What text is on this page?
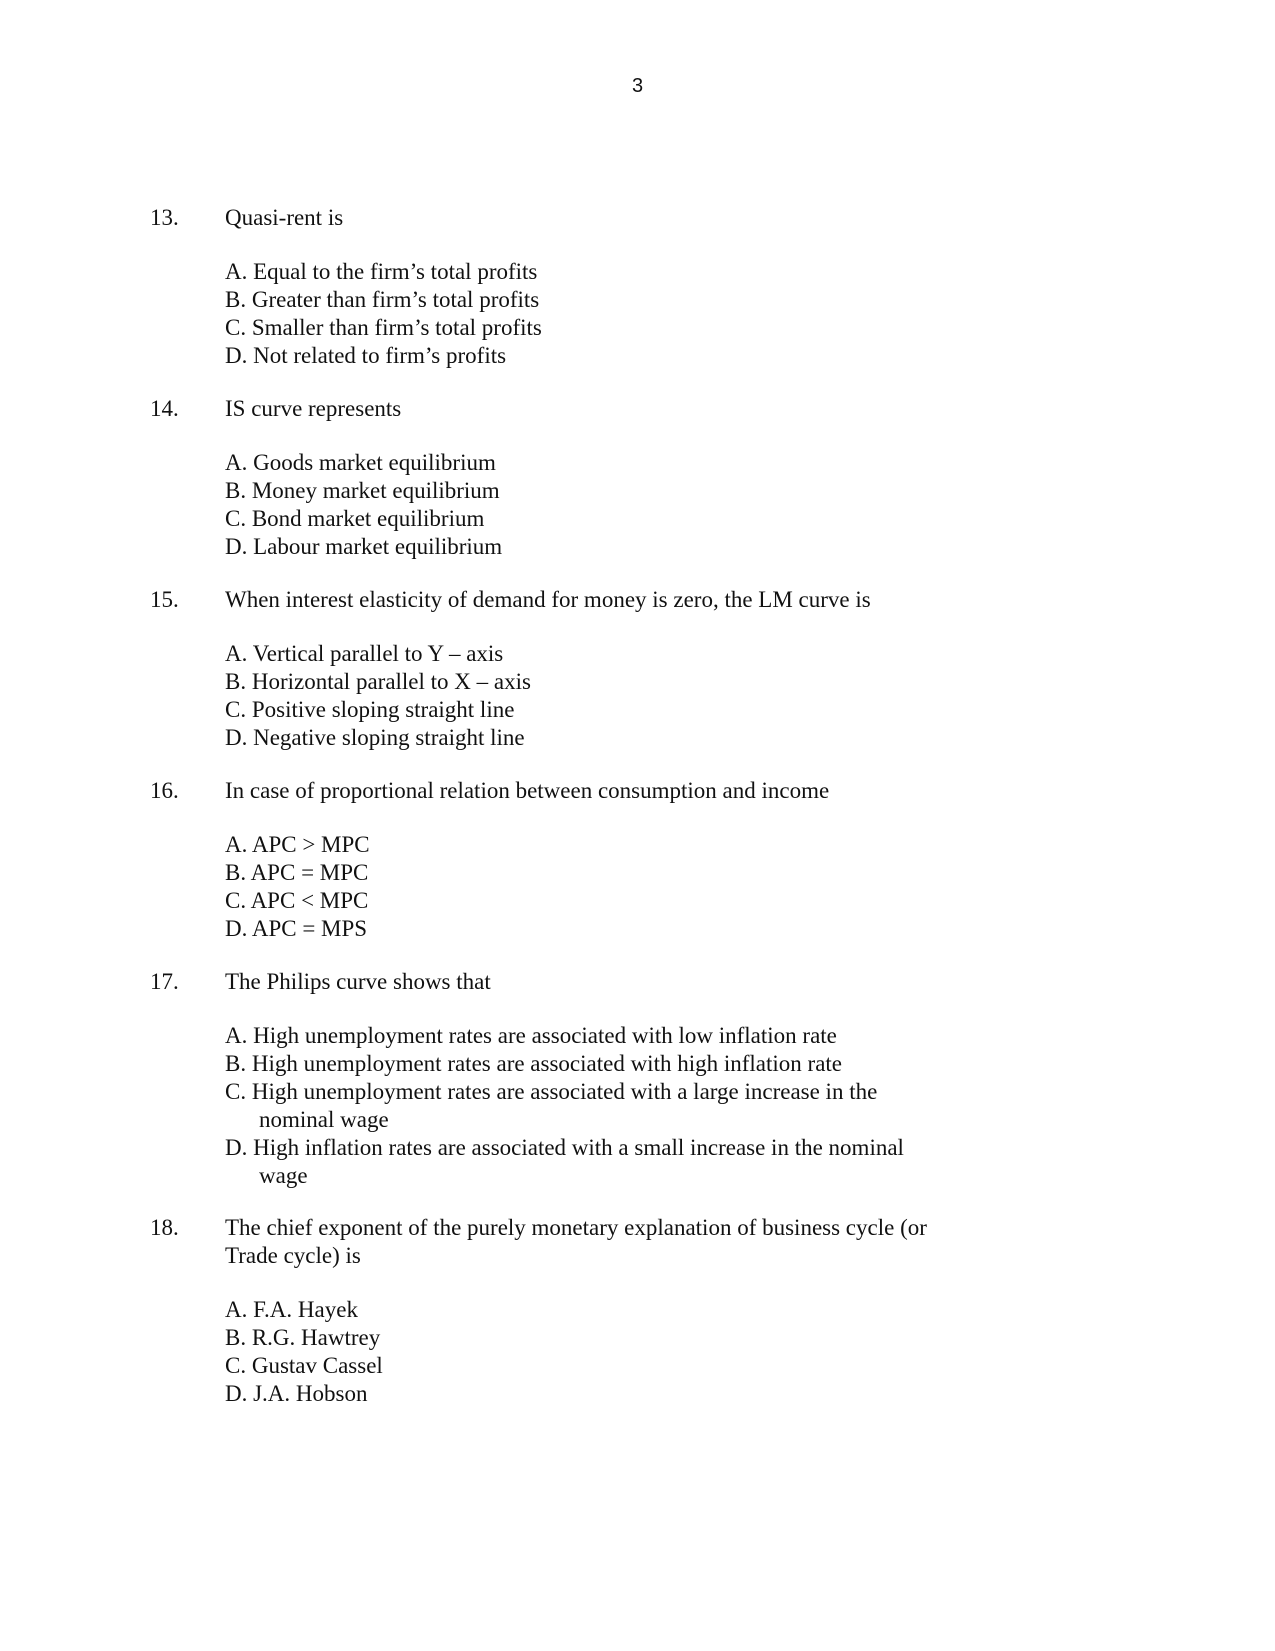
3
13.	Quasi-rent is
A. Equal to the firm’s total profits
B. Greater than firm’s total profits
C. Smaller than firm’s total profits
D. Not related to firm’s profits
14.	IS curve represents
A. Goods market equilibrium
B. Money market equilibrium
C. Bond market equilibrium
D. Labour market equilibrium
15.	When interest elasticity of demand for money is zero, the LM curve is
A. Vertical parallel to Y – axis
B. Horizontal parallel to X – axis
C. Positive sloping straight line
D. Negative sloping straight line
16.	In case of proportional relation between consumption and income
A. APC > MPC
B. APC = MPC
C. APC < MPC
D. APC = MPS
17.	The Philips curve shows that
A. High unemployment rates are associated with low inflation rate
B. High unemployment rates are associated with high inflation rate
C. High unemployment rates are associated with a large increase in the nominal wage
D. High inflation rates are associated with a small increase in the nominal wage
18.	The chief exponent of the purely monetary explanation of business cycle (or Trade cycle) is
A. F.A. Hayek
B. R.G. Hawtrey
C. Gustav Cassel
D. J.A. Hobson
